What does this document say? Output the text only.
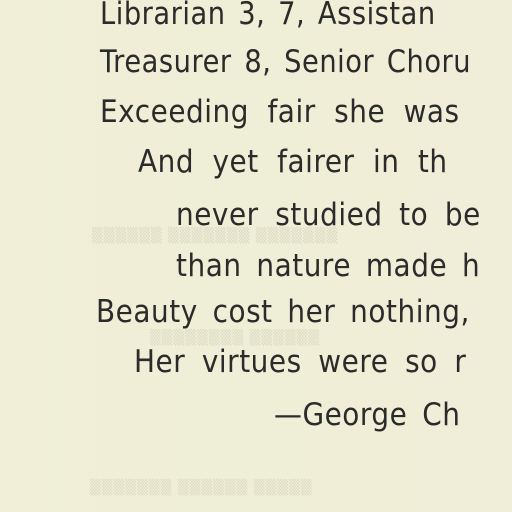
▒▒▒▒▒▒ ▒▒▒▒▒▒▒ ▒▒▒▒▒▒▒
▒▒▒▒▒▒▒▒ ▒▒▒▒▒▒
▒▒▒▒▒▒▒ ▒▒▒▒▒▒ ▒▒▒▒▒
Librarian 3, 7, Assistan
Treasurer 8, Senior Choru
Exceeding fair she was
And yet fairer in th
never studied to be
than nature made h
Beauty cost her nothing,
Her virtues were so r
—George Ch
